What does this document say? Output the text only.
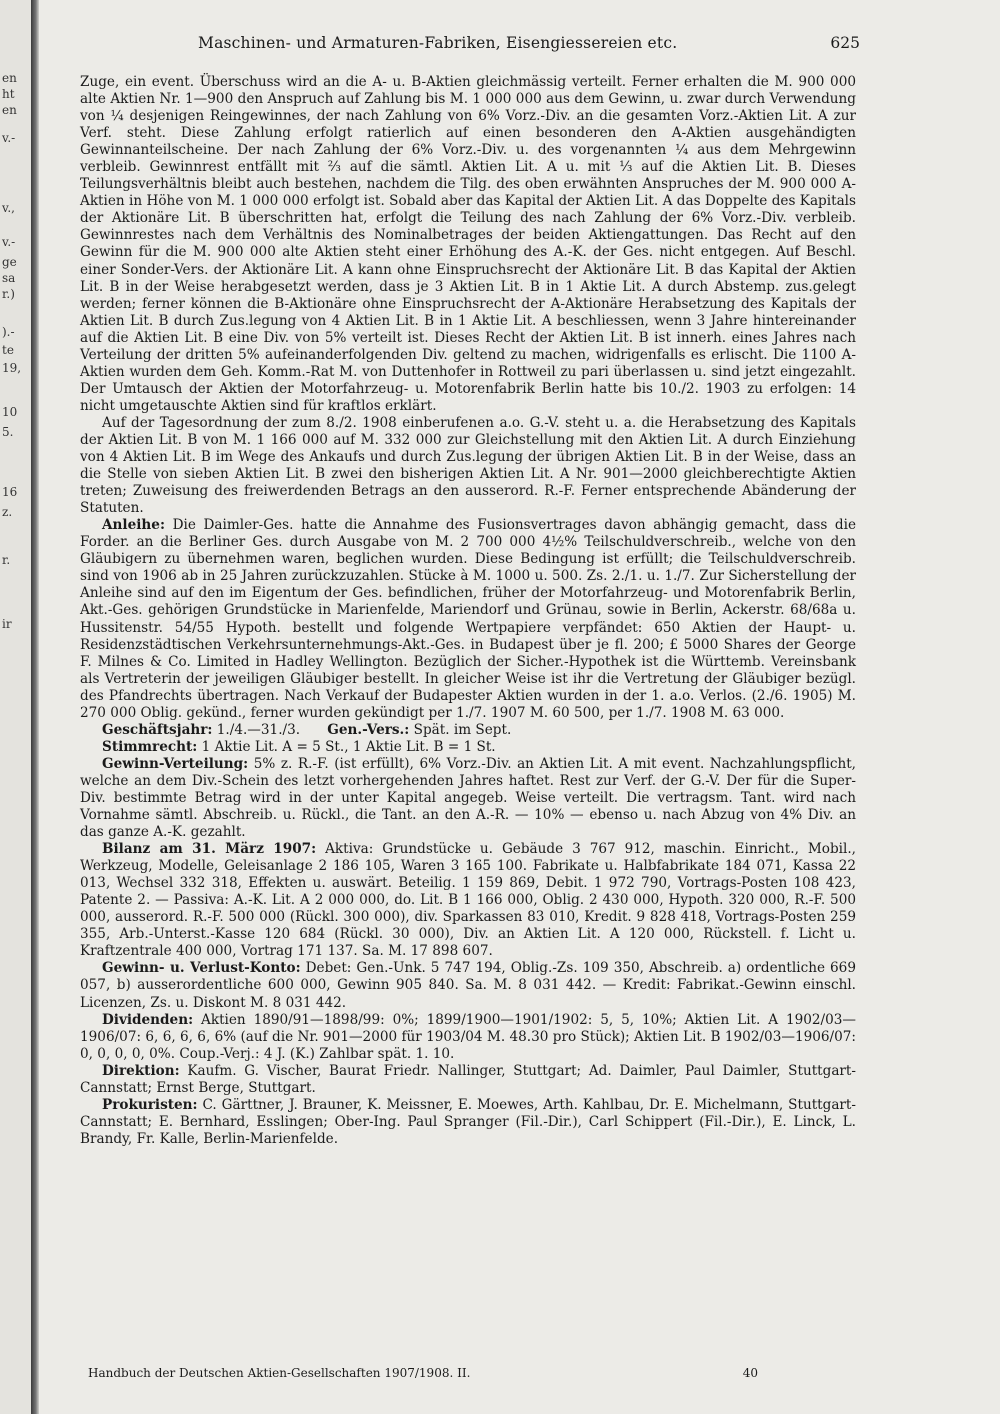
en
ht
en
v.-
v.,
v.-
ge
sa
r.)
).-
te
19,
10
5.
16
z.
r.
ir
Maschinen- und Armaturen-Fabriken, Eisengiessereien etc.	625

Zuge, ein event. Überschuss wird an die A- u. B-Aktien gleichmässig verteilt. Ferner erhalten die M. 900 000 alte Aktien Nr. 1—900 den Anspruch auf Zahlung bis M. 1 000 000 aus dem Gewinn, u. zwar durch Verwendung von ¼ desjenigen Reingewinnes, der nach Zahlung von 6% Vorz.-Div. an die gesamten Vorz.-Aktien Lit. A zur Verf. steht. Diese Zahlung erfolgt ratierlich auf einen besonderen den A-Aktien ausgehändigten Gewinnanteilscheine. Der nach Zahlung der 6% Vorz.-Div. u. des vorgenannten ¼ aus dem Mehrgewinn verbleib. Gewinnrest entfällt mit ⅔ auf die sämtl. Aktien Lit. A u. mit ⅓ auf die Aktien Lit. B. Dieses Teilungsverhältnis bleibt auch bestehen, nachdem die Tilg. des oben erwähnten Anspruches der M. 900 000 A-Aktien in Höhe von M. 1 000 000 erfolgt ist. Sobald aber das Kapital der Aktien Lit. A das Doppelte des Kapitals der Aktionäre Lit. B überschritten hat, erfolgt die Teilung des nach Zahlung der 6% Vorz.-Div. verbleib. Gewinnrestes nach dem Verhältnis des Nominalbetrages der beiden Aktiengattungen. Das Recht auf den Gewinn für die M. 900 000 alte Aktien steht einer Erhöhung des A.-K. der Ges. nicht entgegen. Auf Beschl. einer Sonder-Vers. der Aktionäre Lit. A kann ohne Einspruchsrecht der Aktionäre Lit. B das Kapital der Aktien Lit. B in der Weise herabgesetzt werden, dass je 3 Aktien Lit. B in 1 Aktie Lit. A durch Abstemp. zus.gelegt werden; ferner können die B-Aktionäre ohne Einspruchsrecht der A-Aktionäre Herabsetzung des Kapitals der Aktien Lit. B durch Zus.legung von 4 Aktien Lit. B in 1 Aktie Lit. A beschliessen, wenn 3 Jahre hintereinander auf die Aktien Lit. B eine Div. von 5% verteilt ist. Dieses Recht der Aktien Lit. B ist innerh. eines Jahres nach Verteilung der dritten 5% aufeinanderfolgenden Div. geltend zu machen, widrigenfalls es erlischt. Die 1100 A-Aktien wurden dem Geh. Komm.-Rat M. von Duttenhofer in Rottweil zu pari überlassen u. sind jetzt eingezahlt. Der Umtausch der Aktien der Motorfahrzeug- u. Motorenfabrik Berlin hatte bis 10./2. 1903 zu erfolgen: 14 nicht umgetauschte Aktien sind für kraftlos erklärt.

Auf der Tagesordnung der zum 8./2. 1908 einberufenen a.o. G.-V. steht u. a. die Herabsetzung des Kapitals der Aktien Lit. B von M. 1 166 000 auf M. 332 000 zur Gleichstellung mit den Aktien Lit. A durch Einziehung von 4 Aktien Lit. B im Wege des Ankaufs und durch Zus.legung der übrigen Aktien Lit. B in der Weise, dass an die Stelle von sieben Aktien Lit. B zwei den bisherigen Aktien Lit. A Nr. 901—2000 gleichberechtigte Aktien treten; Zuweisung des freiwerdenden Betrags an den ausserord. R.-F. Ferner entsprechende Abänderung der Statuten.

Anleihe: Die Daimler-Ges. hatte die Annahme des Fusionsvertrages davon abhängig gemacht, dass die Forder. an die Berliner Ges. durch Ausgabe von M. 2 700 000 4½% Teilschuldverschreib., welche von den Gläubigern zu übernehmen waren, beglichen wurden. Diese Bedingung ist erfüllt; die Teilschuldverschreib. sind von 1906 ab in 25 Jahren zurückzuzahlen. Stücke à M. 1000 u. 500. Zs. 2./1. u. 1./7. Zur Sicherstellung der Anleihe sind auf den im Eigentum der Ges. befindlichen, früher der Motorfahrzeug- und Motorenfabrik Berlin, Akt.-Ges. gehörigen Grundstücke in Marienfelde, Mariendorf und Grünau, sowie in Berlin, Ackerstr. 68/68a u. Hussitenstr. 54/55 Hypoth. bestellt und folgende Wertpapiere verpfändet: 650 Aktien der Haupt- u. Residenzstädtischen Verkehrsunternehmungs-Akt.-Ges. in Budapest über je fl. 200; £ 5000 Shares der George F. Milnes & Co. Limited in Hadley Wellington. Bezüglich der Sicher.-Hypothek ist die Württemb. Vereinsbank als Vertreterin der jeweiligen Gläubiger bestellt. In gleicher Weise ist ihr die Vertretung der Gläubiger bezügl. des Pfandrechts übertragen. Nach Verkauf der Budapester Aktien wurden in der 1. a.o. Verlos. (2./6. 1905) M. 270 000 Oblig. gekünd., ferner wurden gekündigt per 1./7. 1907 M. 60 500, per 1./7. 1908 M. 63 000.

Geschäftsjahr: 1./4.—31./3.   Gen.-Vers.: Spät. im Sept.

Stimmrecht: 1 Aktie Lit. A = 5 St., 1 Aktie Lit. B = 1 St.

Gewinn-Verteilung: 5% z. R.-F. (ist erfüllt), 6% Vorz.-Div. an Aktien Lit. A mit event. Nachzahlungspflicht, welche an dem Div.-Schein des letzt vorhergehenden Jahres haftet. Rest zur Verf. der G.-V. Der für die Super-Div. bestimmte Betrag wird in der unter Kapital angegeb. Weise verteilt. Die vertragsm. Tant. wird nach Vornahme sämtl. Abschreib. u. Rückl., die Tant. an den A.-R. — 10% — ebenso u. nach Abzug von 4% Div. an das ganze A.-K. gezahlt.

Bilanz am 31. März 1907: Aktiva: Grundstücke u. Gebäude 3 767 912, maschin. Einricht., Mobil., Werkzeug, Modelle, Geleisanlage 2 186 105, Waren 3 165 100. Fabrikate u. Halbfabrikate 184 071, Kassa 22 013, Wechsel 332 318, Effekten u. auswärt. Beteilig. 1 159 869, Debit. 1 972 790, Vortrags-Posten 108 423, Patente 2. — Passiva: A.-K. Lit. A 2 000 000, do. Lit. B 1 166 000, Oblig. 2 430 000, Hypoth. 320 000, R.-F. 500 000, ausserord. R.-F. 500 000 (Rückl. 300 000), div. Sparkassen 83 010, Kredit. 9 828 418, Vortrags-Posten 259 355, Arb.-Unterst.-Kasse 120 684 (Rückl. 30 000), Div. an Aktien Lit. A 120 000, Rückstell. f. Licht u. Kraftzentrale 400 000, Vortrag 171 137. Sa. M. 17 898 607.

Gewinn- u. Verlust-Konto: Debet: Gen.-Unk. 5 747 194, Oblig.-Zs. 109 350, Abschreib. a) ordentliche 669 057, b) ausserordentliche 600 000, Gewinn 905 840. Sa. M. 8 031 442. — Kredit: Fabrikat.-Gewinn einschl. Licenzen, Zs. u. Diskont M. 8 031 442.

Dividenden: Aktien 1890/91—1898/99: 0%; 1899/1900—1901/1902: 5, 5, 10%; Aktien Lit. A 1902/03—1906/07: 6, 6, 6, 6, 6% (auf die Nr. 901—2000 für 1903/04 M. 48.30 pro Stück); Aktien Lit. B 1902/03—1906/07: 0, 0, 0, 0, 0%. Coup.-Verj.: 4 J. (K.) Zahlbar spät. 1. 10.

Direktion: Kaufm. G. Vischer, Baurat Friedr. Nallinger, Stuttgart; Ad. Daimler, Paul Daimler, Stuttgart-Cannstatt; Ernst Berge, Stuttgart.

Prokuristen: C. Gärttner, J. Brauner, K. Meissner, E. Moewes, Arth. Kahlbau, Dr. E. Michelmann, Stuttgart-Cannstatt; E. Bernhard, Esslingen; Ober-Ing. Paul Spranger (Fil.-Dir.), Carl Schippert (Fil.-Dir.), E. Linck, L. Brandy, Fr. Kalle, Berlin-Marienfelde.

Handbuch der Deutschen Aktien-Gesellschaften 1907/1908. II.	40
